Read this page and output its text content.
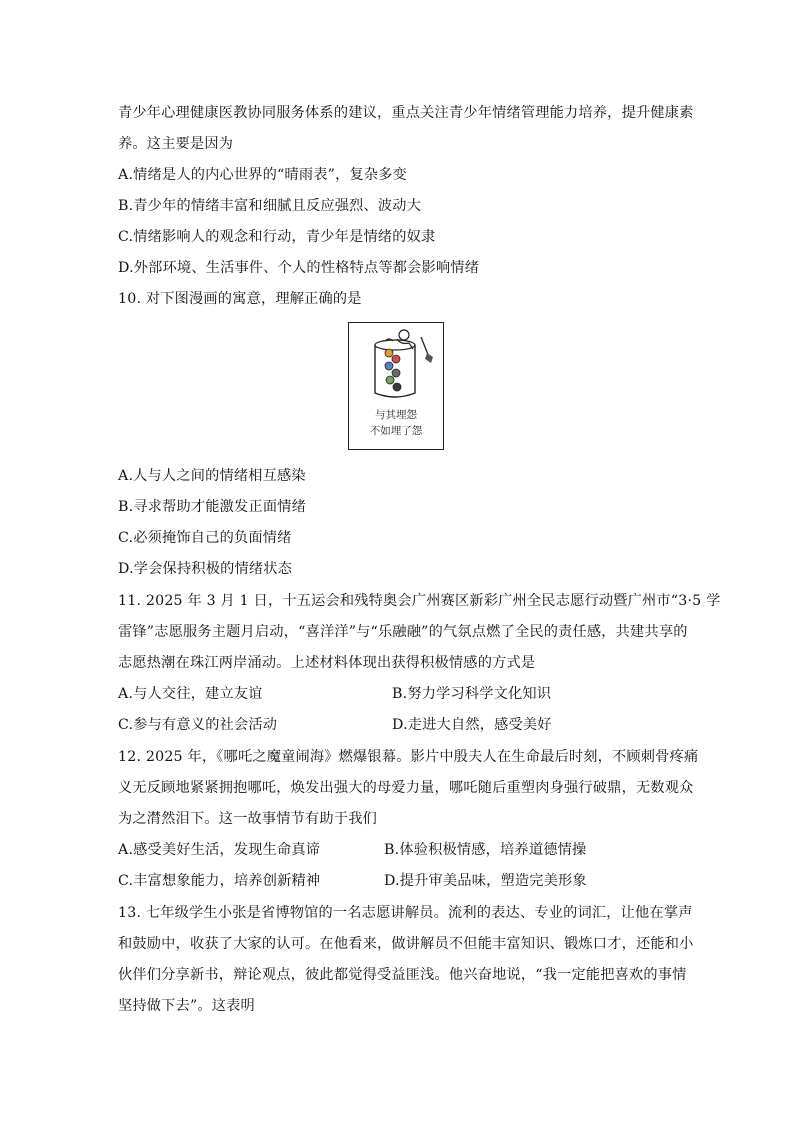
青少年心理健康医教协同服务体系的建议，重点关注青少年情绪管理能力培养，提升健康素
养。这主要是因为
A.情绪是人的内心世界的“晴雨表”，复杂多变
B.青少年的情绪丰富和细腻且反应强烈、波动大
C.情绪影响人的观念和行动，青少年是情绪的奴隶
D.外部环境、生活事件、个人的性格特点等都会影响情绪
10. 对下图漫画的寓意，理解正确的是
与其埋怨
不如埋了怨
A.人与人之间的情绪相互感染
B.寻求帮助才能激发正面情绪
C.必须掩饰自己的负面情绪
D.学会保持积极的情绪状态
11. 2025 年 3 月 1 日，十五运会和残特奥会广州赛区新彩广州全民志愿行动暨广州市“3·5 学
雷锋”志愿服务主题月启动，“喜洋洋”与“乐融融”的气氛点燃了全民的责任感，共建共享的
志愿热潮在珠江两岸涌动。上述材料体现出获得积极情感的方式是
A.与人交往，建立友谊	B.努力学习科学文化知识
C.参与有意义的社会活动	D.走进大自然，感受美好
12. 2025 年，《哪吒之魔童闹海》燃爆银幕。影片中殷夫人在生命最后时刻，不顾刺骨疼痛
义无反顾地紧紧拥抱哪吒，焕发出强大的母爱力量，哪吒随后重塑肉身强行破鼎，无数观众
为之潸然泪下。这一故事情节有助于我们
A.感受美好生活，发现生命真谛	B.体验积极情感，培养道德情操
C.丰富想象能力，培养创新精神	D.提升审美品味，塑造完美形象
13. 七年级学生小张是省博物馆的一名志愿讲解员。流利的表达、专业的词汇，让他在掌声
和鼓励中，收获了大家的认可。在他看来，做讲解员不但能丰富知识、锻炼口才，还能和小
伙伴们分享新书，辩论观点，彼此都觉得受益匪浅。他兴奋地说，“我一定能把喜欢的事情
坚持做下去”。这表明
